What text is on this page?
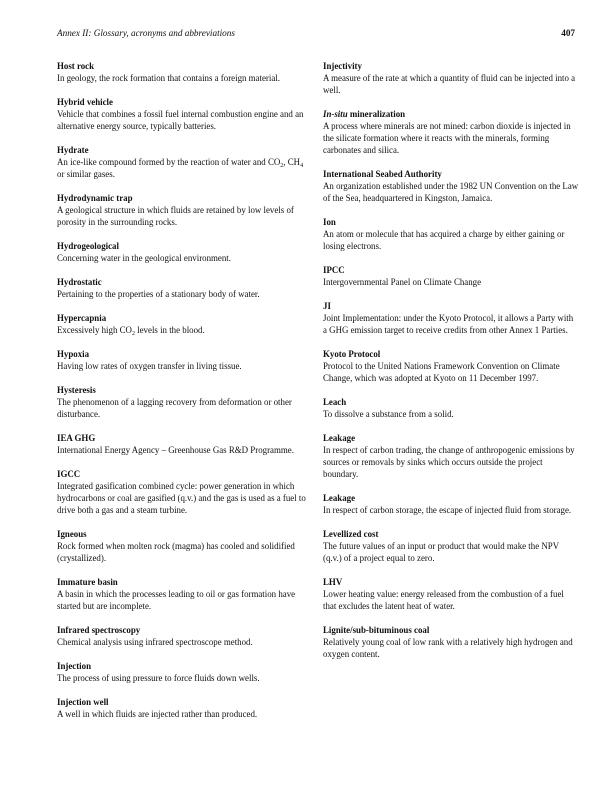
Annex II: Glossary, acronyms and abbreviations	407
Host rock
In geology, the rock formation that contains a foreign material.
Hybrid vehicle
Vehicle that combines a fossil fuel internal combustion engine and an alternative energy source, typically batteries.
Hydrate
An ice-like compound formed by the reaction of water and $CO_2$, $CH_4$ or similar gases.
Hydrodynamic trap
A geological structure in which fluids are retained by low levels of porosity in the surrounding rocks.
Hydrogeological
Concerning water in the geological environment.
Hydrostatic
Pertaining to the properties of a stationary body of water.
Hypercapnia
Excessively high $CO_2$ levels in the blood.
Hypoxia
Having low rates of oxygen transfer in living tissue.
Hysteresis
The phenomenon of a lagging recovery from deformation or other disturbance.
IEA GHG
International Energy Agency – Greenhouse Gas R&D Programme.
IGCC
Integrated gasification combined cycle: power generation in which hydrocarbons or coal are gasified (q.v.) and the gas is used as a fuel to drive both a gas and a steam turbine.
Igneous
Rock formed when molten rock (magma) has cooled and solidified (crystallized).
Immature basin
A basin in which the processes leading to oil or gas formation have started but are incomplete.
Infrared spectroscopy
Chemical analysis using infrared spectroscope method.
Injection
The process of using pressure to force fluids down wells.
Injection well
A well in which fluids are injected rather than produced.
Injectivity
A measure of the rate at which a quantity of fluid can be injected into a well.
In-situ mineralization
A process where minerals are not mined: carbon dioxide is injected in the silicate formation where it reacts with the minerals, forming carbonates and silica.
International Seabed Authority
An organization established under the 1982 UN Convention on the Law of the Sea, headquartered in Kingston, Jamaica.
Ion
An atom or molecule that has acquired a charge by either gaining or losing electrons.
IPCC
Intergovernmental Panel on Climate Change
JI
Joint Implementation: under the Kyoto Protocol, it allows a Party with a GHG emission target to receive credits from other Annex 1 Parties.
Kyoto Protocol
Protocol to the United Nations Framework Convention on Climate Change, which was adopted at Kyoto on 11 December 1997.
Leach
To dissolve a substance from a solid.
Leakage
In respect of carbon trading, the change of anthropogenic emissions by sources or removals by sinks which occurs outside the project boundary.
Leakage
In respect of carbon storage, the escape of injected fluid from storage.
Levellized cost
The future values of an input or product that would make the NPV (q.v.) of a project equal to zero.
LHV
Lower heating value: energy released from the combustion of a fuel that excludes the latent heat of water.
Lignite/sub-bituminous coal
Relatively young coal of low rank with a relatively high hydrogen and oxygen content.
